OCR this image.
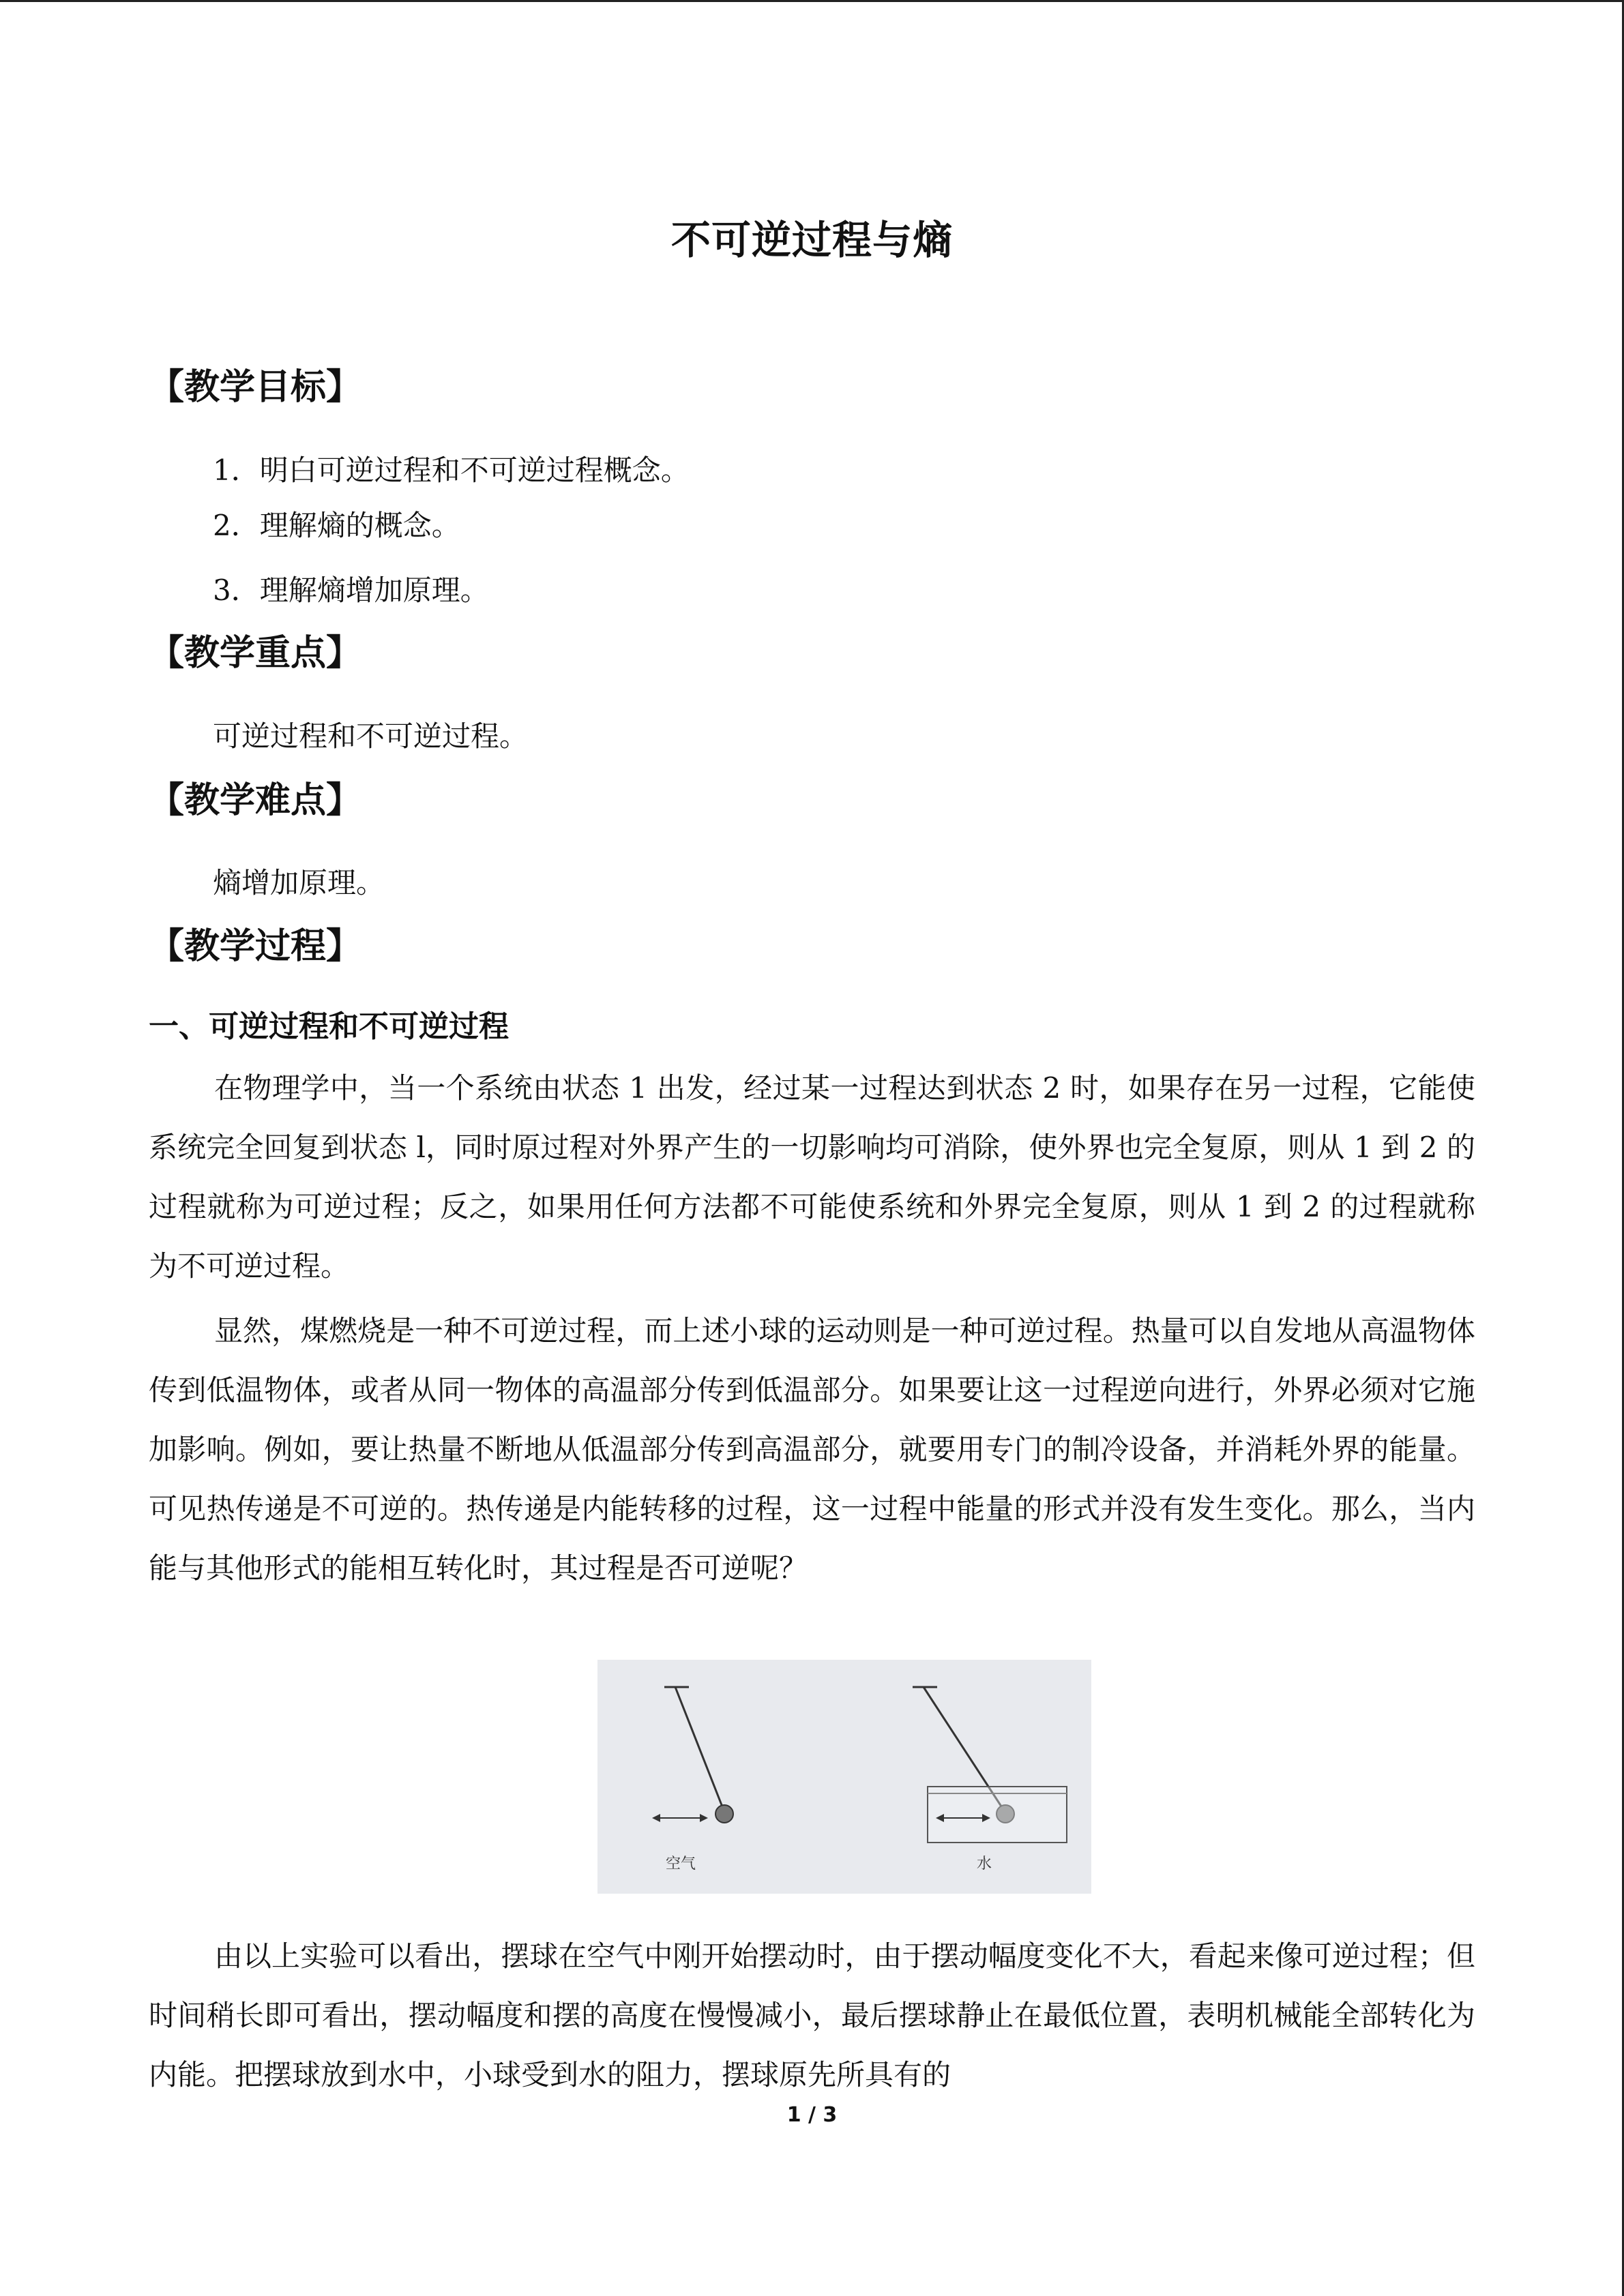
不可逆过程与熵
【教学目标】
1．明白可逆过程和不可逆过程概念。
2．理解熵的概念。
3．理解熵增加原理。
【教学重点】
可逆过程和不可逆过程。
【教学难点】
熵增加原理。
【教学过程】
一、可逆过程和不可逆过程
在物理学中，当一个系统由状态 1 出发，经过某一过程达到状态 2 时，如果存在另一过程，它能使系统完全回复到状态 l，同时原过程对外界产生的一切影响均可消除，使外界也完全复原，则从 1 到 2 的过程就称为可逆过程；反之，如果用任何方法都不可能使系统和外界完全复原，则从 1 到 2 的过程就称为不可逆过程。
显然，煤燃烧是一种不可逆过程，而上述小球的运动则是一种可逆过程。热量可以自发地从高温物体传到低温物体，或者从同一物体的高温部分传到低温部分。如果要让这一过程逆向进行，外界必须对它施加影响。例如，要让热量不断地从低温部分传到高温部分，就要用专门的制冷设备，并消耗外界的能量。可见热传递是不可逆的。热传递是内能转移的过程，这一过程中能量的形式并没有发生变化。那么，当内能与其他形式的能相互转化时，其过程是否可逆呢？
空气	水
由以上实验可以看出，摆球在空气中刚开始摆动时，由于摆动幅度变化不大，看起来像可逆过程；但时间稍长即可看出，摆动幅度和摆的高度在慢慢减小，最后摆球静止在最低位置，表明机械能全部转化为内能。把摆球放到水中，小球受到水的阻力，摆球原先所具有的
1 / 3
